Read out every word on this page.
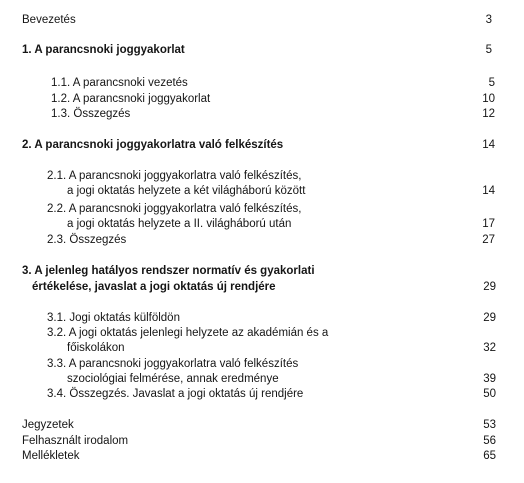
Bevezetés	3
1. A parancsnoki joggyakorlat	5
1.1. A parancsnoki vezetés	5
1.2. A parancsnoki joggyakorlat	10
1.3. Összegzés	12
2. A parancsnoki joggyakorlatra való felkészítés	14
2.1. A parancsnoki joggyakorlatra való felkészítés,
a jogi oktatás helyzete a két világháború között	14
2.2. A parancsnoki joggyakorlatra való felkészítés,
a jogi oktatás helyzete a II. világháború után	17
2.3. Összegzés	27
3. A jelenleg hatályos rendszer normatív és gyakorlati
értékelése, javaslat a jogi oktatás új rendjére	29
3.1. Jogi oktatás külföldön	29
3.2. A jogi oktatás jelenlegi helyzete az akadémián és a
főiskolákon	32
3.3. A parancsnoki joggyakorlatra való felkészítés
szociológiai felmérése, annak eredménye	39
3.4. Összegzés. Javaslat a jogi oktatás új rendjére	50
Jegyzetek	53
Felhasznált irodalom	56
Mellékletek	65
